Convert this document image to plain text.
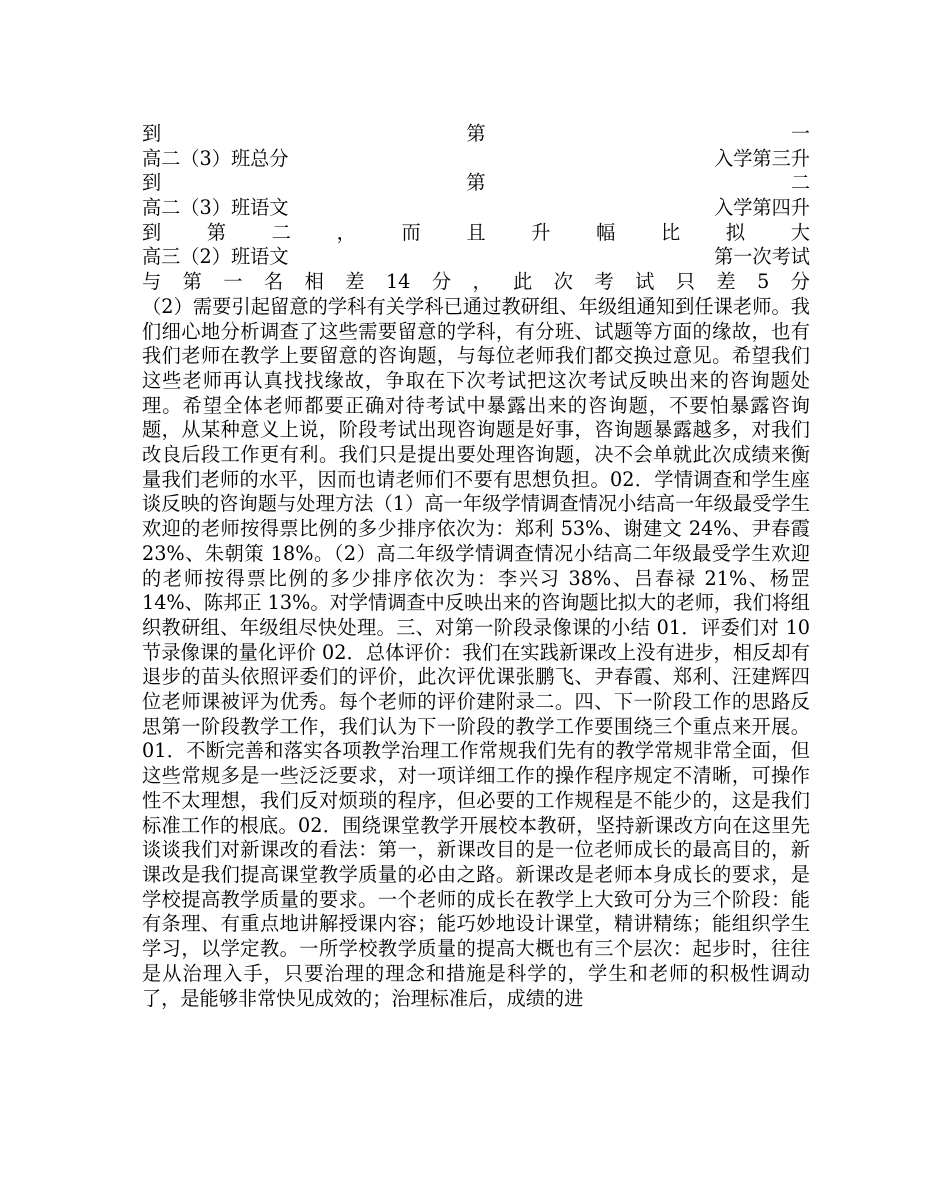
到	第	一
高二（3）班总分	入学第三升
到	第	二
高二（3）班语文	入学第四升
到 第 二 ， 而 且 升 幅 比 拟 大
高三（2）班语文	第一次考试
与 第 一 名 相 差 14 分 ， 此 次 考 试 只 差 5 分

（2）需要引起留意的学科有关学科已通过教研组、年级组通知到任课老师。我们细心地分析调查了这些需要留意的学科，有分班、试题等方面的缘故，也有我们老师在教学上要留意的咨询题，与每位老师我们都交换过意见。希望我们这些老师再认真找找缘故，争取在下次考试把这次考试反映出来的咨询题处理。希望全体老师都要正确对待考试中暴露出来的咨询题，不要怕暴露咨询题，从某种意义上说，阶段考试出现咨询题是好事，咨询题暴露越多，对我们改良后段工作更有利。我们只是提出要处理咨询题，决不会单就此次成绩来衡量我们老师的水平，因而也请老师们不要有思想负担。02．学情调查和学生座谈反映的咨询题与处理方法（1）高一年级学情调查情况小结高一年级最受学生欢迎的老师按得票比例的多少排序依次为：郑利 53%、谢建文 24%、尹春霞 23%、朱朝策 18%。（2）高二年级学情调查情况小结高二年级最受学生欢迎的老师按得票比例的多少排序依次为：李兴习 38%、吕春禄 21%、杨罡 14%、陈邦正 13%。对学情调查中反映出来的咨询题比拟大的老师，我们将组织教研组、年级组尽快处理。三、对第一阶段录像课的小结 01．评委们对 10 节录像课的量化评价 02．总体评价：我们在实践新课改上没有进步，相反却有退步的苗头依照评委们的评价，此次评优课张鹏飞、尹春霞、郑利、汪建辉四位老师课被评为优秀。每个老师的评价建附录二。四、下一阶段工作的思路反思第一阶段教学工作，我们认为下一阶段的教学工作要围绕三个重点来开展。01．不断完善和落实各项教学治理工作常规我们先有的教学常规非常全面，但这些常规多是一些泛泛要求，对一项详细工作的操作程序规定不清晰，可操作性不太理想，我们反对烦琐的程序，但必要的工作规程是不能少的，这是我们标准工作的根底。02．围绕课堂教学开展校本教研，坚持新课改方向在这里先谈谈我们对新课改的看法：第一，新课改目的是一位老师成长的最高目的，新课改是我们提高课堂教学质量的必由之路。新课改是老师本身成长的要求，是学校提高教学质量的要求。一个老师的成长在教学上大致可分为三个阶段：能有条理、有重点地讲解授课内容；能巧妙地设计课堂，精讲精练；能组织学生学习，以学定教。一所学校教学质量的提高大概也有三个层次：起步时，往往是从治理入手，只要治理的理念和措施是科学的，学生和老师的积极性调动了，是能够非常快见成效的；治理标准后，成绩的进
